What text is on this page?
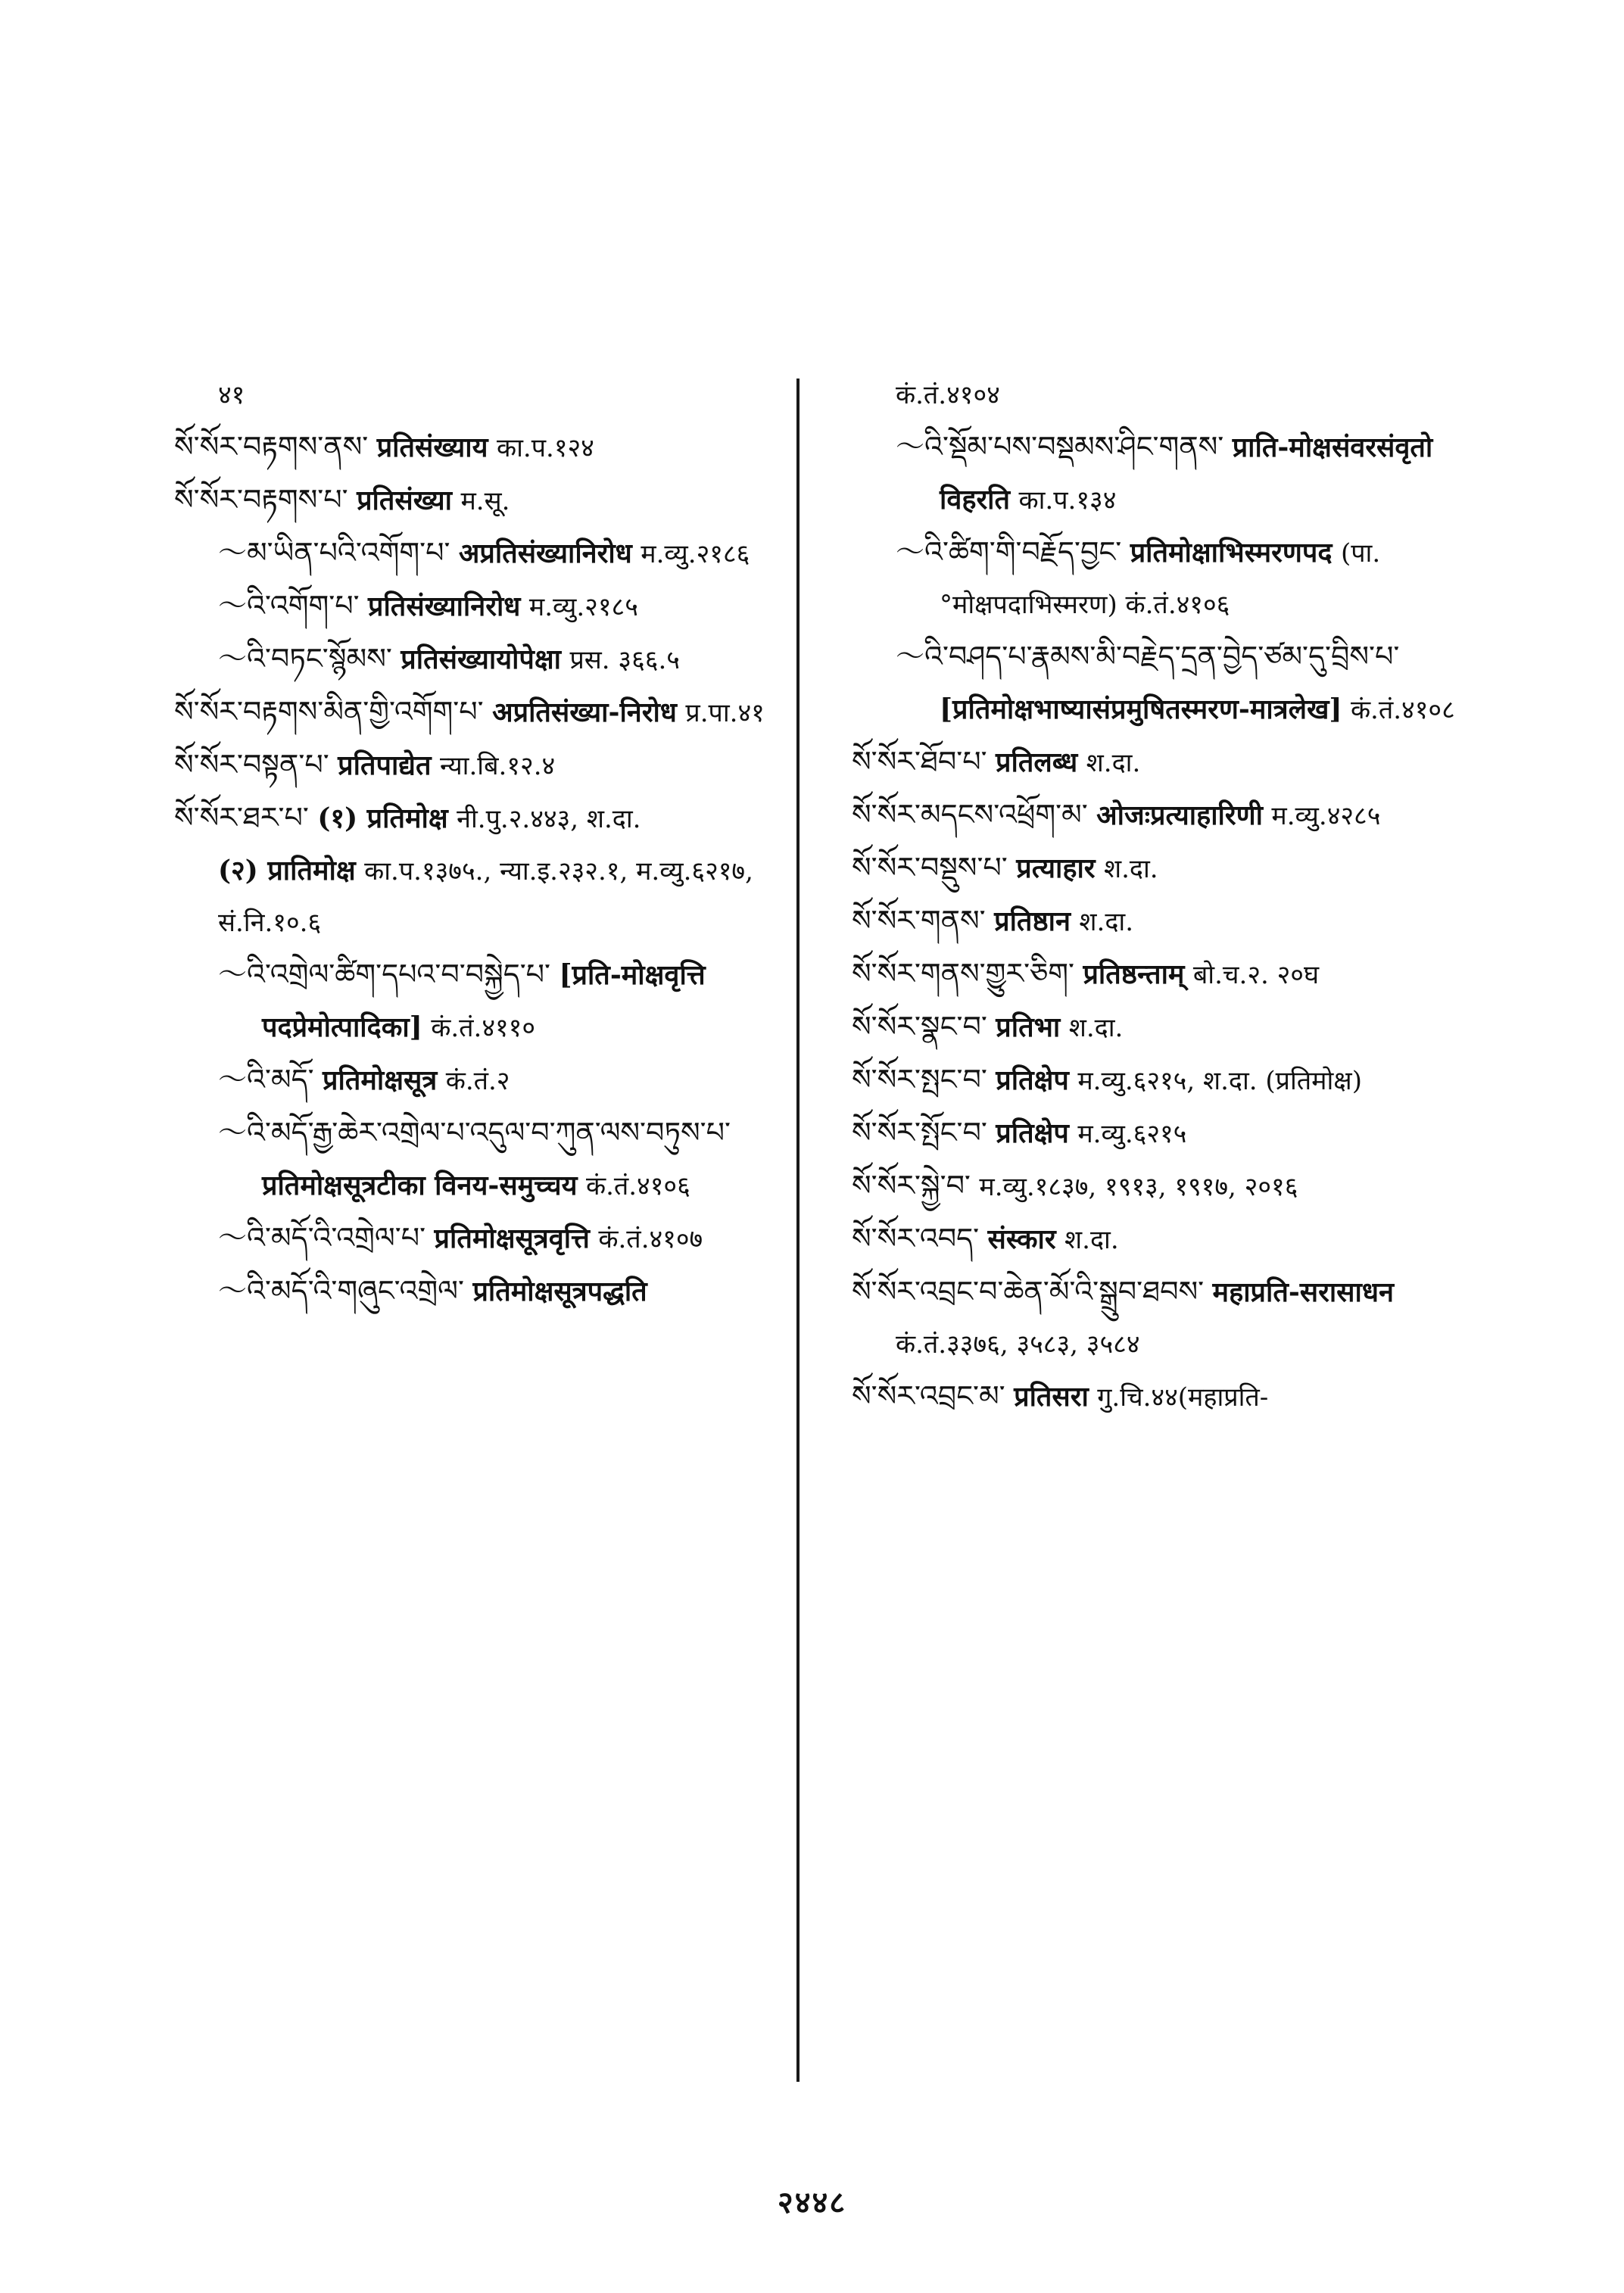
४१

སོ་སོར་བརྟགས་ནས་ प्रतिसंख्याय का.प.१२४

སོ་སོར་བརྟགས་པ་ प्रतिसंख्या म.सू.

～མ་ཡིན་པའི་འགོག་པ་ अप्रतिसंख्यानिरोध म.व्यु.२१८६

～འི་འགོག་པ་ प्रतिसंख्यानिरोध म.व्यु.२१८५

～འི་བཏང་སྙོམས་ प्रतिसंख्यायोपेक्षा प्रस. ३६६.५

སོ་སོར་བརྟགས་མིན་གྱི་འགོག་པ་ अप्रतिसंख्या-निरोध प्र.पा.४१

སོ་སོར་བསྟན་པ་ प्रतिपाद्येत न्या.बि.१२.४

སོ་སོར་ཐར་པ་ (१) प्रतिमोक्ष नी.पु.२.४४३, श.दा.

(२) प्रातिमोक्ष का.प.१३७५., न्या.इ.२३२.१, म.व्यु.६२१७, सं.नि.१०.६

～འི་འགྲེལ་ཚིག་དཔའ་བ་བསྐྱེད་པ་ [प्रति-मोक्षवृत्ति पदप्रेमोत्पादिका] कं.तं.४११०

～འི་མདོ་ प्रतिमोक्षसूत्र कं.तं.२

～འི་མདོ་རྒྱ་ཆེར་འགྲེལ་པ་འདུལ་བ་ཀུན་ལས་བཏུས་པ་ प्रतिमोक्षसूत्रटीका विनय-समुच्चय कं.तं.४१०६

～འི་མདོ་འི་འགྲེལ་པ་ प्रतिमोक्षसूत्रवृत्ति कं.तं.४१०७

～འི་མདོ་འི་གཞུང་འགྲེལ་ प्रतिमोक्षसूत्रपद्धति

कं.तं.४१०४

～འི་སྡོམ་པས་བསྡམས་ཤིང་གནས་ प्राति-मोक्षसंवरसंवृतो विहरति का.प.१३४

～འི་ཚིག་གི་བརྗོད་བྱང་ प्रतिमोक्षाभिस्मरणपद (पा. °मोक्षपदाभिस्मरण) कं.तं.४१०६

～འི་བཤད་པ་རྣམས་མི་བརྗེད་དྲན་བྱེད་ཙམ་དུ་བྲིས་པ་ [प्रतिमोक्षभाष्यासंप्रमुषितस्मरण-मात्रलेख] कं.तं.४१०८

སོ་སོར་ཐོབ་པ་ प्रतिलब्ध श.दा.

སོ་སོར་མདངས་འཕྲོག་མ་ ओजःप्रत्याहारिणी म.व्यु.४२८५

སོ་སོར་བསྡུས་པ་ प्रत्याहार श.दा.

སོ་སོར་གནས་ प्रतिष्ठान श.दा.

སོ་སོར་གནས་གྱུར་ཅིག་ प्रतिष्ठन्ताम् बो.च.२. २०घ

སོ་སོར་སྣང་བ་ प्रतिभा श.दा.

སོ་སོར་སྤང་བ་ प्रतिक्षेप म.व्यु.६२१५, श.दा. (प्रतिमोक्ष)

སོ་སོར་སྤོང་བ་ प्रतिक्षेप म.व्यु.६२१५

སོ་སོར་སྐྱེ་བ་ म.व्यु.१८३७, १९१३, १९१७, २०१६

སོ་སོར་འབད་ संस्कार श.दा.

སོ་སོར་འབྲང་བ་ཆེན་མོ་འི་སྒྲུབ་ཐབས་ महाप्रति-सरासाधन कं.तं.३३७६, ३५८३, ३५८४

སོ་སོར་འབྲང་མ་ प्रतिसरा गु.चि.४४(महाप्रति-

२४४८
